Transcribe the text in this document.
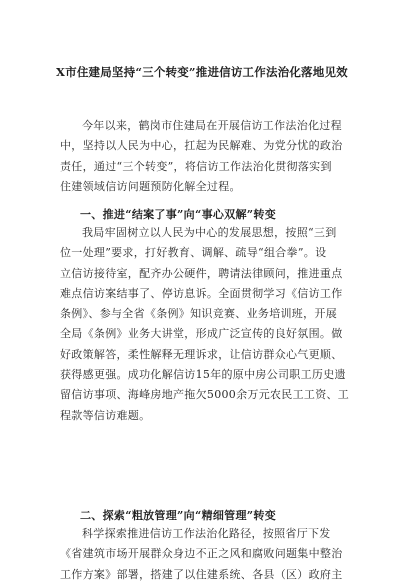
X市住建局坚持“三个转变”推进信访工作法治化落地见效
今年以来，鹤岗市住建局在开展信访工作法治化过程
中，坚持以人民为中心，扛起为民解难、为党分忧的政治
责任，通过“三个转变”，将信访工作法治化贯彻落实到
住建领域信访问题预防化解全过程。
一、推进“结案了事”向“事心双解”转变
我局牢固树立以人民为中心的发展思想，按照“三到
位一处理”要求，打好教育、调解、疏导“组合拳”。设
立信访接待室，配齐办公硬件，聘请法律顾问，推进重点
难点信访案结事了、停访息诉。全面贯彻学习《信访工作
条例》、参与全省《条例》知识竞赛、业务培训班，开展
全局《条例》业务大讲堂，形成广泛宣传的良好氛围。做
好政策解答，柔性解释无理诉求，让信访群众心气更顺、
获得感更强。成功化解信访15年的原中房公司职工历史遗
留信访事项、海峰房地产拖欠5000余万元农民工工资、工
程款等信访难题。
二、探索“粗放管理”向“精细管理”转变
科学探索推进信访工作法治化路径，按照省厅下发
《省建筑市场开展群众身边不正之风和腐败问题集中整治
工作方案》部署，搭建了以住建系统、各县（区）政府主
